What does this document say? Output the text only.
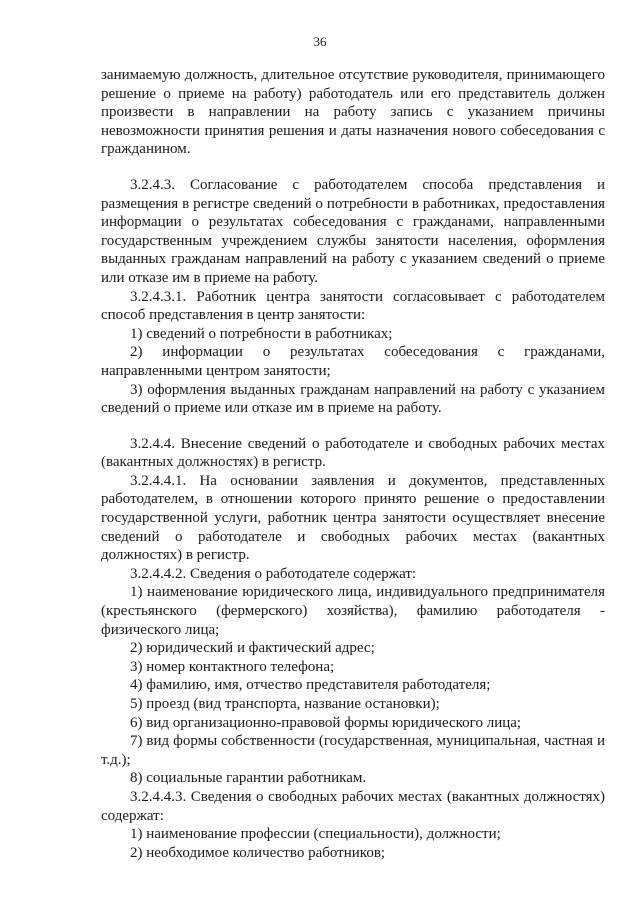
36

занимаемую должность, длительное отсутствие руководителя, принимающего решение о приеме на работу) работодатель или его представитель должен произвести в направлении на работу запись с указанием причины невозможности принятия решения и даты назначения нового собеседования с гражданином.

3.2.4.3. Согласование с работодателем способа представления и размещения в регистре сведений о потребности в работниках, предоставления информации о результатах собеседования с гражданами, направленными государственным учреждением службы занятости населения, оформления выданных гражданам направлений на работу с указанием сведений о приеме или отказе им в приеме на работу.

3.2.4.3.1. Работник центра занятости согласовывает с работодателем способ представления в центр занятости:

1) сведений о потребности в работниках;

2) информации о результатах собеседования с гражданами, направленными центром занятости;

3) оформления выданных гражданам направлений на работу с указанием сведений о приеме или отказе им в приеме на работу.

3.2.4.4. Внесение сведений о работодателе и свободных рабочих местах (вакантных должностях) в регистр.

3.2.4.4.1. На основании заявления и документов, представленных работодателем, в отношении которого принято решение о предоставлении государственной услуги, работник центра занятости осуществляет внесение сведений о работодателе и свободных рабочих местах (вакантных должностях) в регистр.

3.2.4.4.2. Сведения о работодателе содержат:

1) наименование юридического лица, индивидуального предпринимателя (крестьянского (фермерского) хозяйства), фамилию работодателя - физического лица;

2) юридический и фактический адрес;

3) номер контактного телефона;

4) фамилию, имя, отчество представителя работодателя;

5) проезд (вид транспорта, название остановки);

6) вид организационно-правовой формы юридического лица;

7) вид формы собственности (государственная, муниципальная, частная и т.д.);

8) социальные гарантии работникам.

3.2.4.4.3. Сведения о свободных рабочих местах (вакантных должностях) содержат:

1) наименование профессии (специальности), должности;

2) необходимое количество работников;
